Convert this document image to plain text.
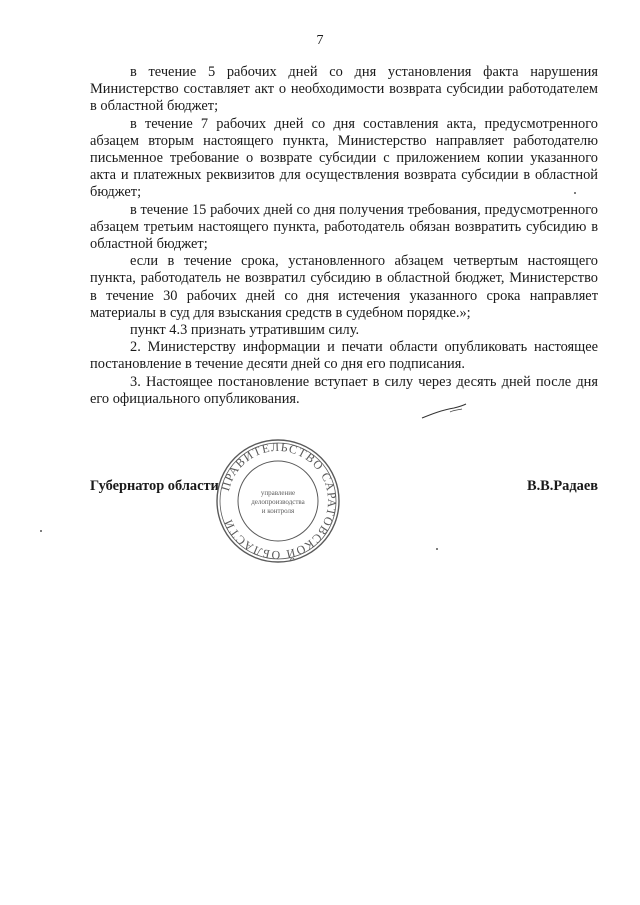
7

в течение 5 рабочих дней со дня установления факта нарушения Министерство составляет акт о необходимости возврата субсидии работодателем в областной бюджет;

в течение 7 рабочих дней со дня составления акта, предусмотренного абзацем вторым настоящего пункта, Министерство направляет работодателю письменное требование о возврате субсидии с приложением копии указанного акта и платежных реквизитов для осуществления возврата субсидии в областной бюджет;

в течение 15 рабочих дней со дня получения требования, предусмотренного абзацем третьим настоящего пункта, работодатель обязан возвратить субсидию в областной бюджет;

если в течение срока, установленного абзацем четвертым настоящего пункта, работодатель не возвратил субсидию в областной бюджет, Министерство в течение 30 рабочих дней со дня истечения указанного срока направляет материалы в суд для взыскания средств в судебном порядке.»;

пункт 4.3 признать утратившим силу.

2. Министерству информации и печати области опубликовать настоящее постановление в течение десяти дней со дня его подписания.

3. Настоящее постановление вступает в силу через десять дней после дня его официального опубликования.

Губернатор области	В.В.Радаев
ПРАВИТЕЛЬСТВО САРАТОВСКОЙ ОБЛАСТИ
управление
делопроизводства
и контроля
